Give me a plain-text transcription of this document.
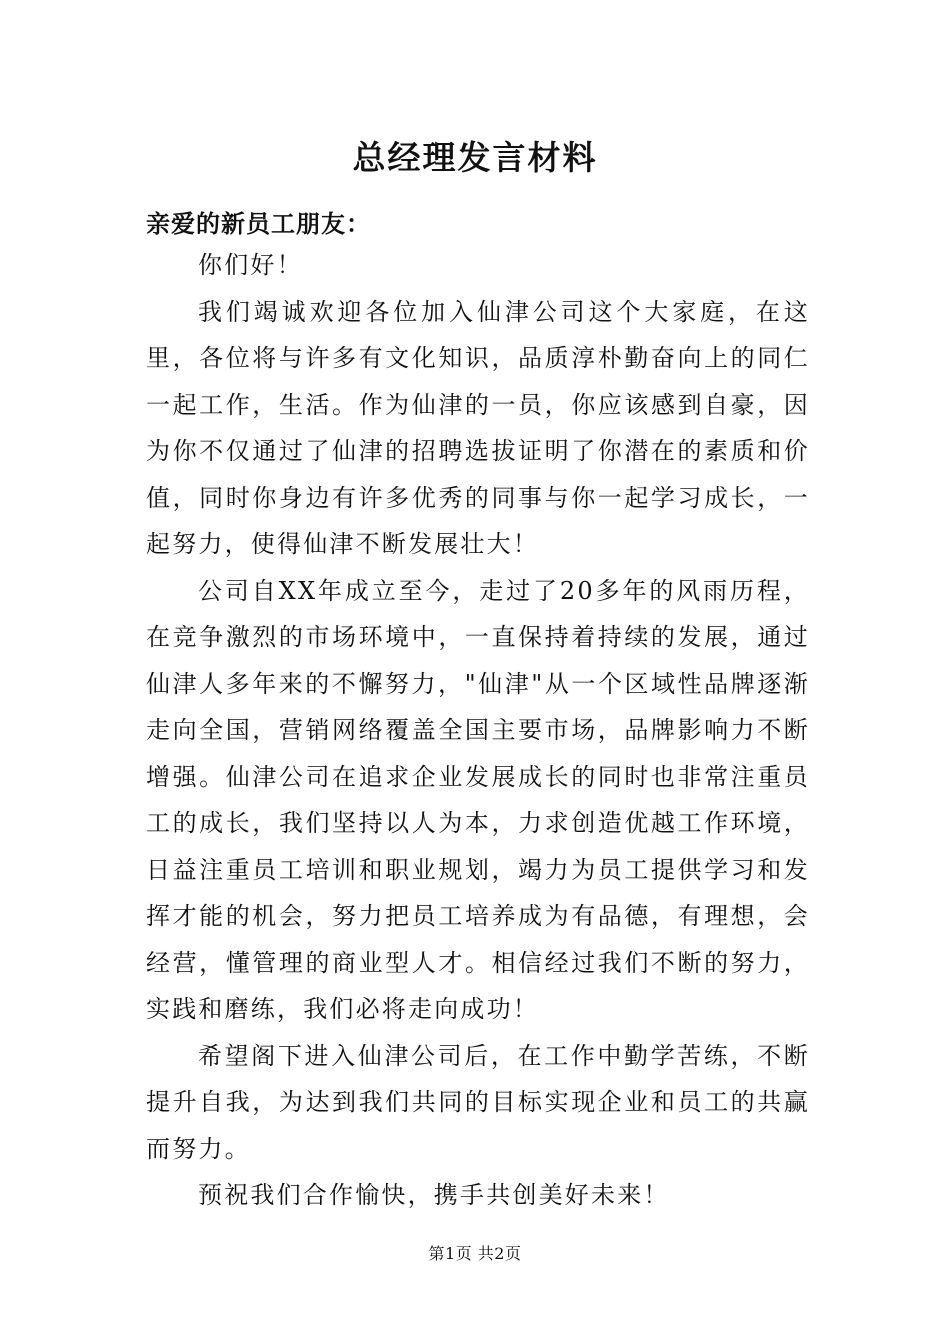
总经理发言材料
亲爱的新员工朋友：

你们好！

我们竭诚欢迎各位加入仙津公司这个大家庭，在这里，各位将与许多有文化知识，品质淳朴勤奋向上的同仁一起工作，生活。作为仙津的一员，你应该感到自豪，因为你不仅通过了仙津的招聘选拔证明了你潜在的素质和价值，同时你身边有许多优秀的同事与你一起学习成长，一起努力，使得仙津不断发展壮大！

公司自XX年成立至今，走过了20多年的风雨历程，在竞争激烈的市场环境中，一直保持着持续的发展，通过仙津人多年来的不懈努力，"仙津"从一个区域性品牌逐渐走向全国，营销网络覆盖全国主要市场，品牌影响力不断增强。仙津公司在追求企业发展成长的同时也非常注重员工的成长，我们坚持以人为本，力求创造优越工作环境，日益注重员工培训和职业规划，竭力为员工提供学习和发挥才能的机会，努力把员工培养成为有品德，有理想，会经营，懂管理的商业型人才。相信经过我们不断的努力，实践和磨练，我们必将走向成功！

希望阁下进入仙津公司后，在工作中勤学苦练，不断提升自我，为达到我们共同的目标实现企业和员工的共赢而努力。

预祝我们合作愉快，携手共创美好未来！

第1页 共2页
